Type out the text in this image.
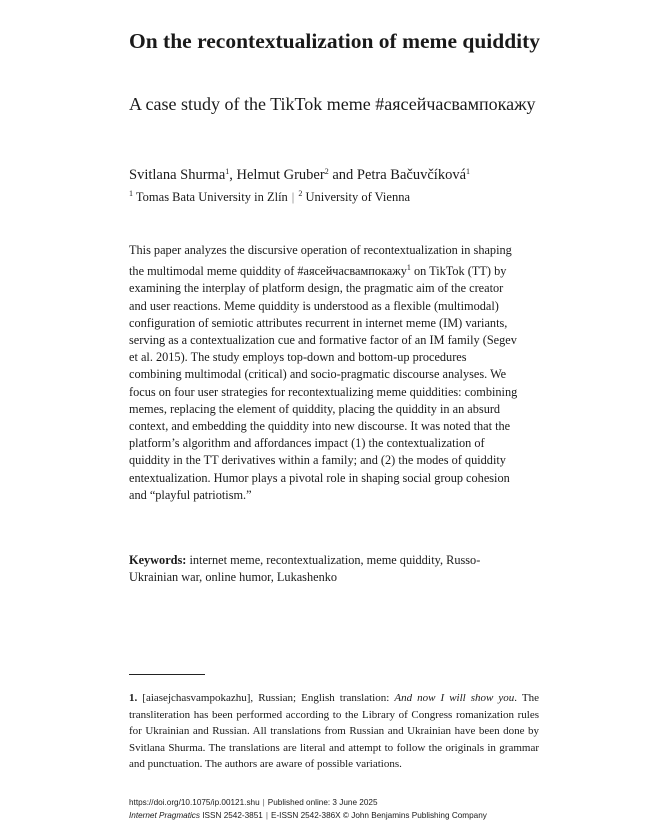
On the recontextualization of meme quiddity
A case study of the TikTok meme #аясейчасвампокажу
Svitlana Shurma$^1$, Helmut Gruber$^2$ and Petra Bačuvčíková$^1$
$^1$ Tomas Bata University in Zlín | $^2$ University of Vienna
This paper analyzes the discursive operation of recontextualization in shaping the multimodal meme quiddity of #аясейчасвампокажу$^1$ on TikTok (TT) by examining the interplay of platform design, the pragmatic aim of the creator and user reactions. Meme quiddity is understood as a flexible (multimodal) configuration of semiotic attributes recurrent in internet meme (IM) variants, serving as a contextualization cue and formative factor of an IM family (Segev et al. 2015). The study employs top-down and bottom-up procedures combining multimodal (critical) and socio-pragmatic discourse analyses. We focus on four user strategies for recontextualizing meme quiddities: combining memes, replacing the element of quiddity, placing the quiddity in an absurd context, and embedding the quiddity into new discourse. It was noted that the platform’s algorithm and affordances impact (1) the contextualization of quiddity in the TT derivatives within a family; and (2) the modes of quiddity entextualization. Humor plays a pivotal role in shaping social group cohesion and “playful patriotism.”
Keywords: internet meme, recontextualization, meme quiddity, Russo-Ukrainian war, online humor, Lukashenko
1. [aiasejchasvampokazhu], Russian; English translation: And now I will show you. The transliteration has been performed according to the Library of Congress romanization rules for Ukrainian and Russian. All translations from Russian and Ukrainian have been done by Svitlana Shurma. The translations are literal and attempt to follow the originals in grammar and punctuation. The authors are aware of possible variations.
https://doi.org/10.1075/ip.00121.shu | Published online: 3 June 2025
Internet Pragmatics ISSN 2542-3851 | E-ISSN 2542-386X © John Benjamins Publishing Company
